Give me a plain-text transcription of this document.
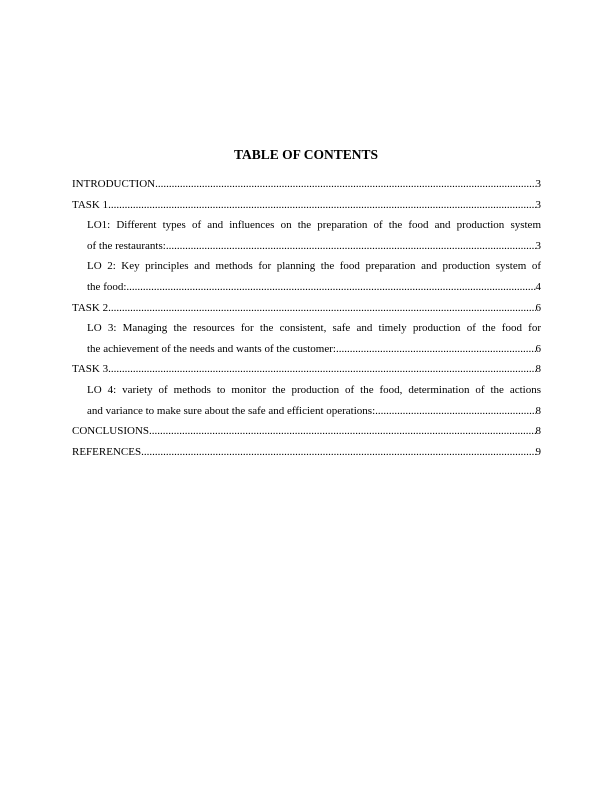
TABLE OF CONTENTS
INTRODUCTION .....	3
TASK 1 .....	3
LO1: Different types of and influences on the preparation of the food and production system
of the restaurants: .....	3
LO 2: Key principles and methods for planning the food preparation and production system of
the food: .....	4
TASK 2 .....	6
LO 3: Managing the resources for the consistent, safe and timely production of the food for
the achievement of the needs and wants of the customer: .....	6
TASK 3 .....	8
LO 4: variety of methods to monitor the production of the food, determination of the actions
and variance to make sure about the safe and efficient operations: .....	8
CONCLUSIONS .....	8
REFERENCES .....	9
